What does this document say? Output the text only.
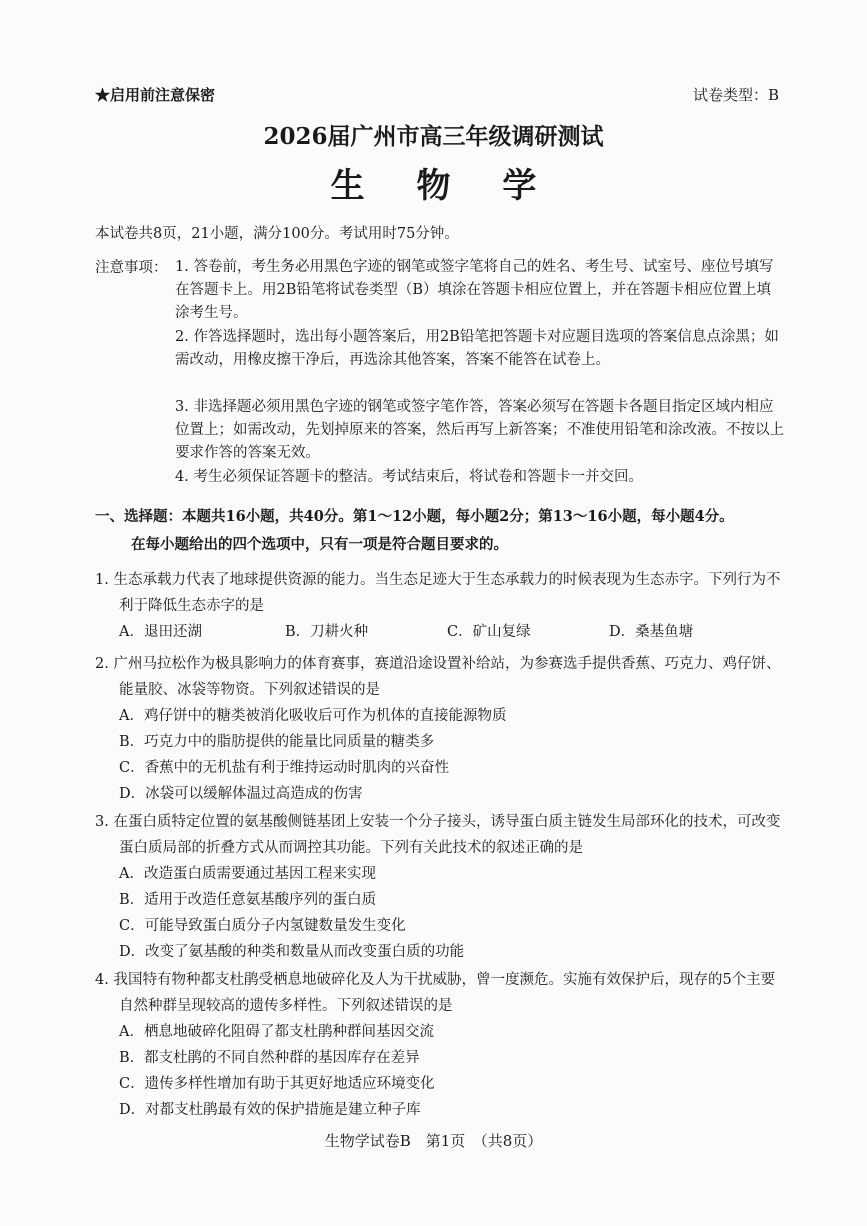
★启用前注意保密	试卷类型：B
2026届广州市高三年级调研测试
生 物 学
本试卷共8页，21小题，满分100分。考试用时75分钟。
注意事项： 1. 答卷前，考生务必用黑色字迹的钢笔或签字笔将自己的姓名、考生号、试室号、座位号填写在答题卡上。用2B铅笔将试卷类型（B）填涂在答题卡相应位置上，并在答题卡相应位置上填涂考生号。
2. 作答选择题时，选出每小题答案后，用2B铅笔把答题卡对应题目选项的答案信息点涂黑；如需改动，用橡皮擦干净后，再选涂其他答案，答案不能答在试卷上。
3. 非选择题必须用黑色字迹的钢笔或签字笔作答，答案必须写在答题卡各题目指定区域内相应位置上；如需改动，先划掉原来的答案，然后再写上新答案；不准使用铅笔和涂改液。不按以上要求作答的答案无效。
4. 考生必须保证答题卡的整洁。考试结束后，将试卷和答题卡一并交回。
一、选择题：本题共16小题，共40分。第1～12小题，每小题2分；第13～16小题，每小题4分。
在每小题给出的四个选项中，只有一项是符合题目要求的。
1. 生态承载力代表了地球提供资源的能力。当生态足迹大于生态承载力的时候表现为生态赤字。下列行为不利于降低生态赤字的是
A．退田还湖	B．刀耕火种	C．矿山复绿	D．桑基鱼塘
2. 广州马拉松作为极具影响力的体育赛事，赛道沿途设置补给站，为参赛选手提供香蕉、巧克力、鸡仔饼、能量胶、冰袋等物资。下列叙述错误的是
A．鸡仔饼中的糖类被消化吸收后可作为机体的直接能源物质
B．巧克力中的脂肪提供的能量比同质量的糖类多
C．香蕉中的无机盐有利于维持运动时肌肉的兴奋性
D．冰袋可以缓解体温过高造成的伤害
3. 在蛋白质特定位置的氨基酸侧链基团上安装一个分子接头，诱导蛋白质主链发生局部环化的技术，可改变蛋白质局部的折叠方式从而调控其功能。下列有关此技术的叙述正确的是
A．改造蛋白质需要通过基因工程来实现
B．适用于改造任意氨基酸序列的蛋白质
C．可能导致蛋白质分子内氢键数量发生变化
D．改变了氨基酸的种类和数量从而改变蛋白质的功能
4. 我国特有物种都支杜鹃受栖息地破碎化及人为干扰威胁，曾一度濒危。实施有效保护后，现存的5个主要自然种群呈现较高的遗传多样性。下列叙述错误的是
A．栖息地破碎化阻碍了都支杜鹃种群间基因交流
B．都支杜鹃的不同自然种群的基因库存在差异
C．遗传多样性增加有助于其更好地适应环境变化
D．对都支杜鹃最有效的保护措施是建立种子库
生物学试卷B　第1页　（共8页）
